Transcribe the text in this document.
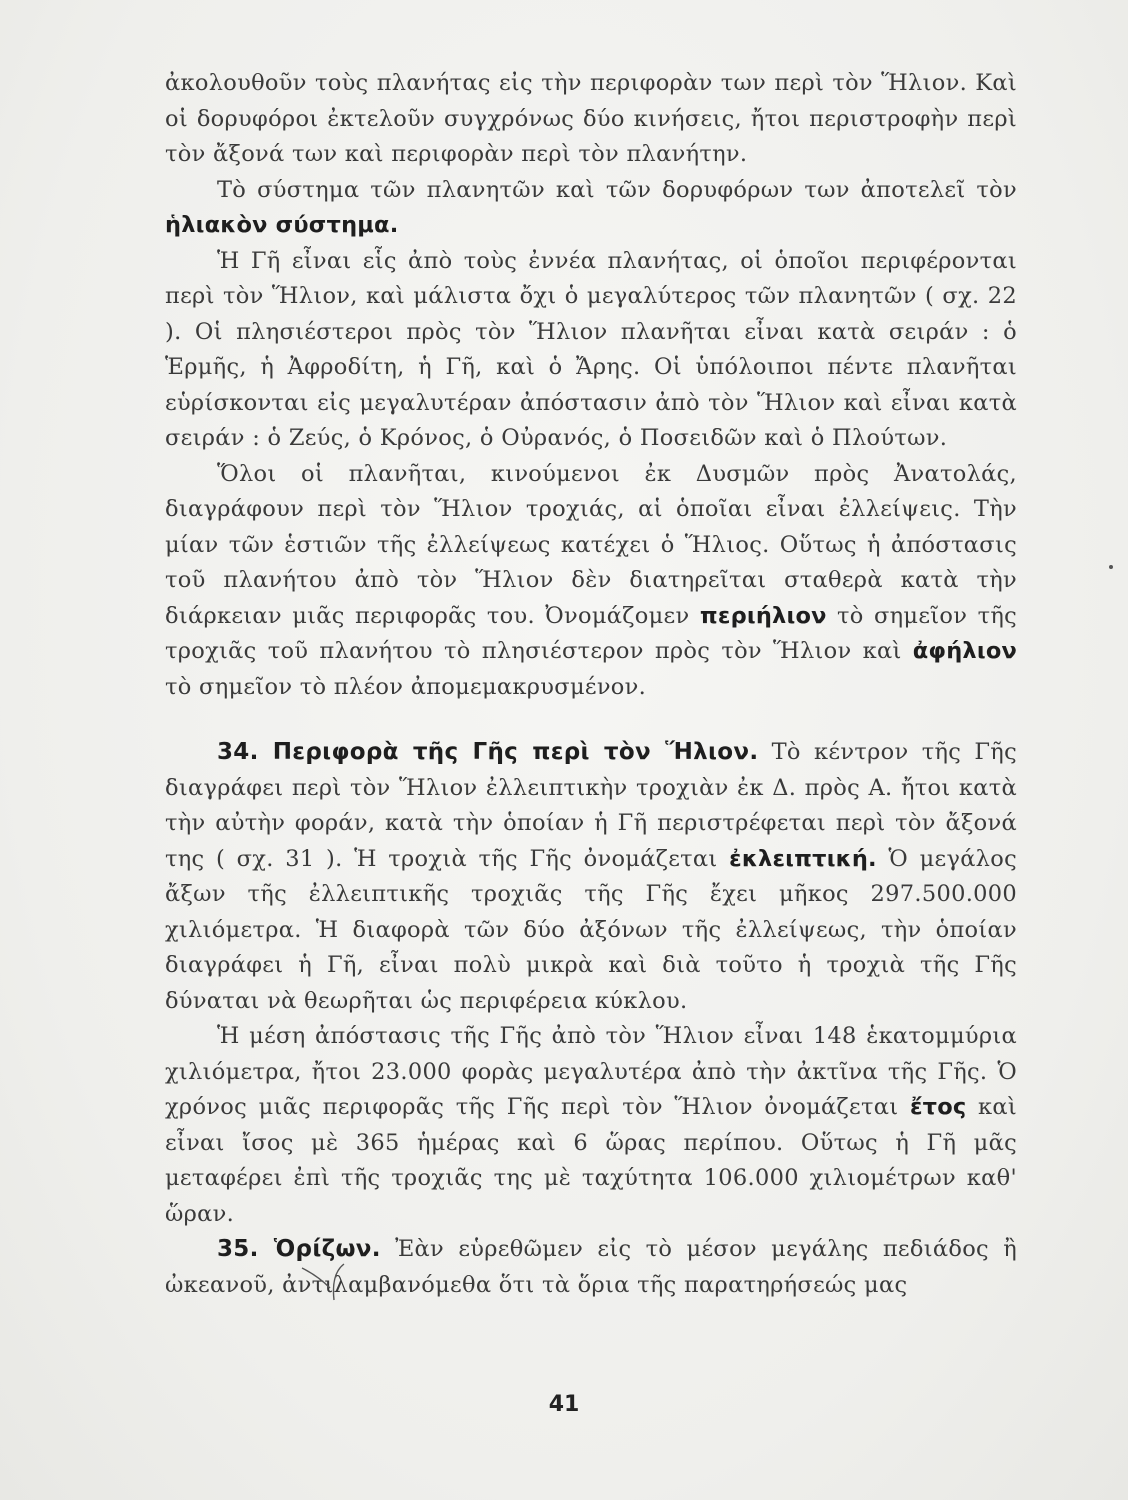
ἀκολουθοῦν τοὺς πλανήτας εἰς τὴν περιφορὰν των περὶ τὸν Ἥλιον. Καὶ οἱ δορυφόροι ἐκτελοῦν συγχρόνως δύο κινήσεις, ἤτοι περιστροφὴν περὶ τὸν ἄξονά των καὶ περιφορὰν περὶ τὸν πλανήτην.

Τὸ σύστημα τῶν πλανητῶν καὶ τῶν δορυφόρων των ἀποτελεῖ τὸν ἡλιακὸν σύστημα.

Ἡ Γῆ εἶναι εἷς ἀπὸ τοὺς ἐννέα πλανήτας, οἱ ὁποῖοι περιφέρονται περὶ τὸν Ἥλιον, καὶ μάλιστα ὄχι ὁ μεγαλύτερος τῶν πλανητῶν ( σχ. 22 ). Οἱ πλησιέστεροι πρὸς τὸν Ἥλιον πλανῆται εἶναι κατὰ σειράν : ὁ Ἑρμῆς, ἡ Ἀφροδίτη, ἡ Γῆ, καὶ ὁ Ἄρης. Οἱ ὑπόλοιποι πέντε πλανῆται εὑρίσκονται εἰς μεγαλυτέραν ἀπόστασιν ἀπὸ τὸν Ἥλιον καὶ εἶναι κατὰ σειράν : ὁ Ζεύς, ὁ Κρόνος, ὁ Οὐρανός, ὁ Ποσειδῶν καὶ ὁ Πλούτων.

Ὅλοι οἱ πλανῆται, κινούμενοι ἐκ Δυσμῶν πρὸς Ἀνατολάς, διαγράφουν περὶ τὸν Ἥλιον τροχιάς, αἱ ὁποῖαι εἶναι ἐλλείψεις. Τὴν μίαν τῶν ἑστιῶν τῆς ἐλλείψεως κατέχει ὁ Ἥλιος. Οὕτως ἡ ἀπόστασις τοῦ πλανήτου ἀπὸ τὸν Ἥλιον δὲν διατηρεῖται σταθερὰ κατὰ τὴν διάρκειαν μιᾶς περιφορᾶς του. Ὀνομάζομεν περιήλιον τὸ σημεῖον τῆς τροχιᾶς τοῦ πλανήτου τὸ πλησιέστερον πρὸς τὸν Ἥλιον καὶ ἀφήλιον τὸ σημεῖον τὸ πλέον ἀπομεμακρυσμένον.

34. Περιφορὰ τῆς Γῆς περὶ τὸν Ἥλιον. Τὸ κέντρον τῆς Γῆς διαγράφει περὶ τὸν Ἥλιον ἐλλειπτικὴν τροχιὰν ἐκ Δ. πρὸς Α. ἤτοι κατὰ τὴν αὐτὴν φοράν, κατὰ τὴν ὁποίαν ἡ Γῆ περιστρέφεται περὶ τὸν ἄξονά της ( σχ. 31 ). Ἡ τροχιὰ τῆς Γῆς ὀνομάζεται ἐκλειπτική. Ὁ μεγάλος ἄξων τῆς ἐλλειπτικῆς τροχιᾶς τῆς Γῆς ἔχει μῆκος 297.500.000 χιλιόμετρα. Ἡ διαφορὰ τῶν δύο ἀξόνων τῆς ἐλλείψεως, τὴν ὁποίαν διαγράφει ἡ Γῆ, εἶναι πολὺ μικρὰ καὶ διὰ τοῦτο ἡ τροχιὰ τῆς Γῆς δύναται νὰ θεωρῆται ὡς περιφέρεια κύκλου.

Ἡ μέση ἀπόστασις τῆς Γῆς ἀπὸ τὸν Ἥλιον εἶναι 148 ἑκατομμύρια χιλιόμετρα, ἤτοι 23.000 φορὰς μεγαλυτέρα ἀπὸ τὴν ἀκτῖνα τῆς Γῆς. Ὁ χρόνος μιᾶς περιφορᾶς τῆς Γῆς περὶ τὸν Ἥλιον ὀνομάζεται ἔτος καὶ εἶναι ἴσος μὲ 365 ἡμέρας καὶ 6 ὥρας περίπου. Οὕτως ἡ Γῆ μᾶς μεταφέρει ἐπὶ τῆς τροχιᾶς της μὲ ταχύτητα 106.000 χιλιομέτρων καθ' ὥραν.

35. Ὁρίζων. Ἐὰν εὑρεθῶμεν εἰς τὸ μέσον μεγάλης πεδιάδος ἢ ὠκεανοῦ, ἀντιλαμβανόμεθα ὅτι τὰ ὅρια τῆς παρατηρήσεώς μας

41
